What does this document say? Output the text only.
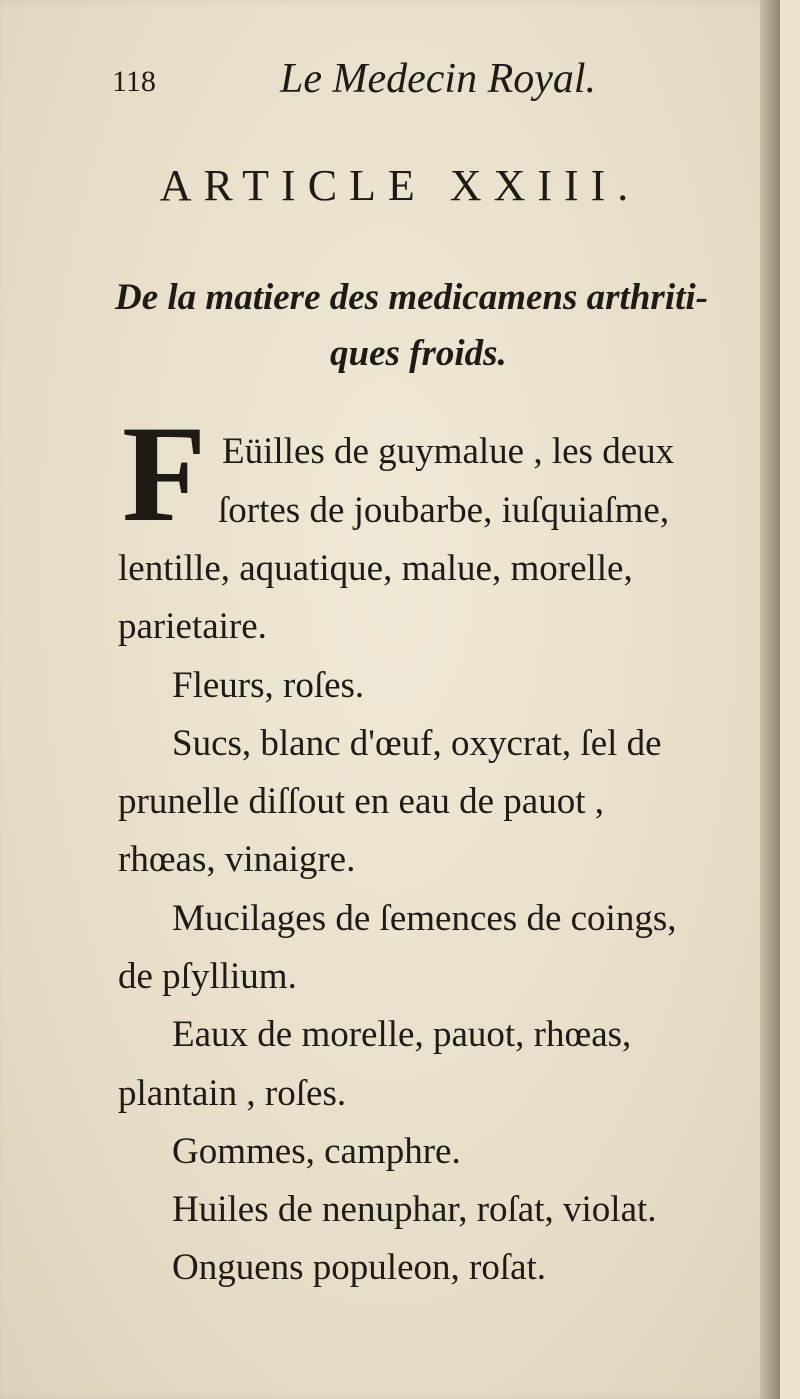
118	Le Medecin Royal.
ARTICLE XXIII.
De la matiere des medicamens arthriti-
ques froids.
F Eüilles de guymalue , les deux
ſortes de joubarbe, iuſquiaſme,
lentille, aquatique, malue, morelle,
parietaire.
Fleurs, roſes.
Sucs, blanc d'œuf, oxycrat, ſel de
prunelle diſſout en eau de pauot ,
rhœas, vinaigre.
Mucilages de ſemences de coings,
de pſyllium.
Eaux de morelle, pauot, rhœas,
plantain , roſes.
Gommes, camphre.
Huiles de nenuphar, roſat, violat.
Onguens populeon, roſat.
